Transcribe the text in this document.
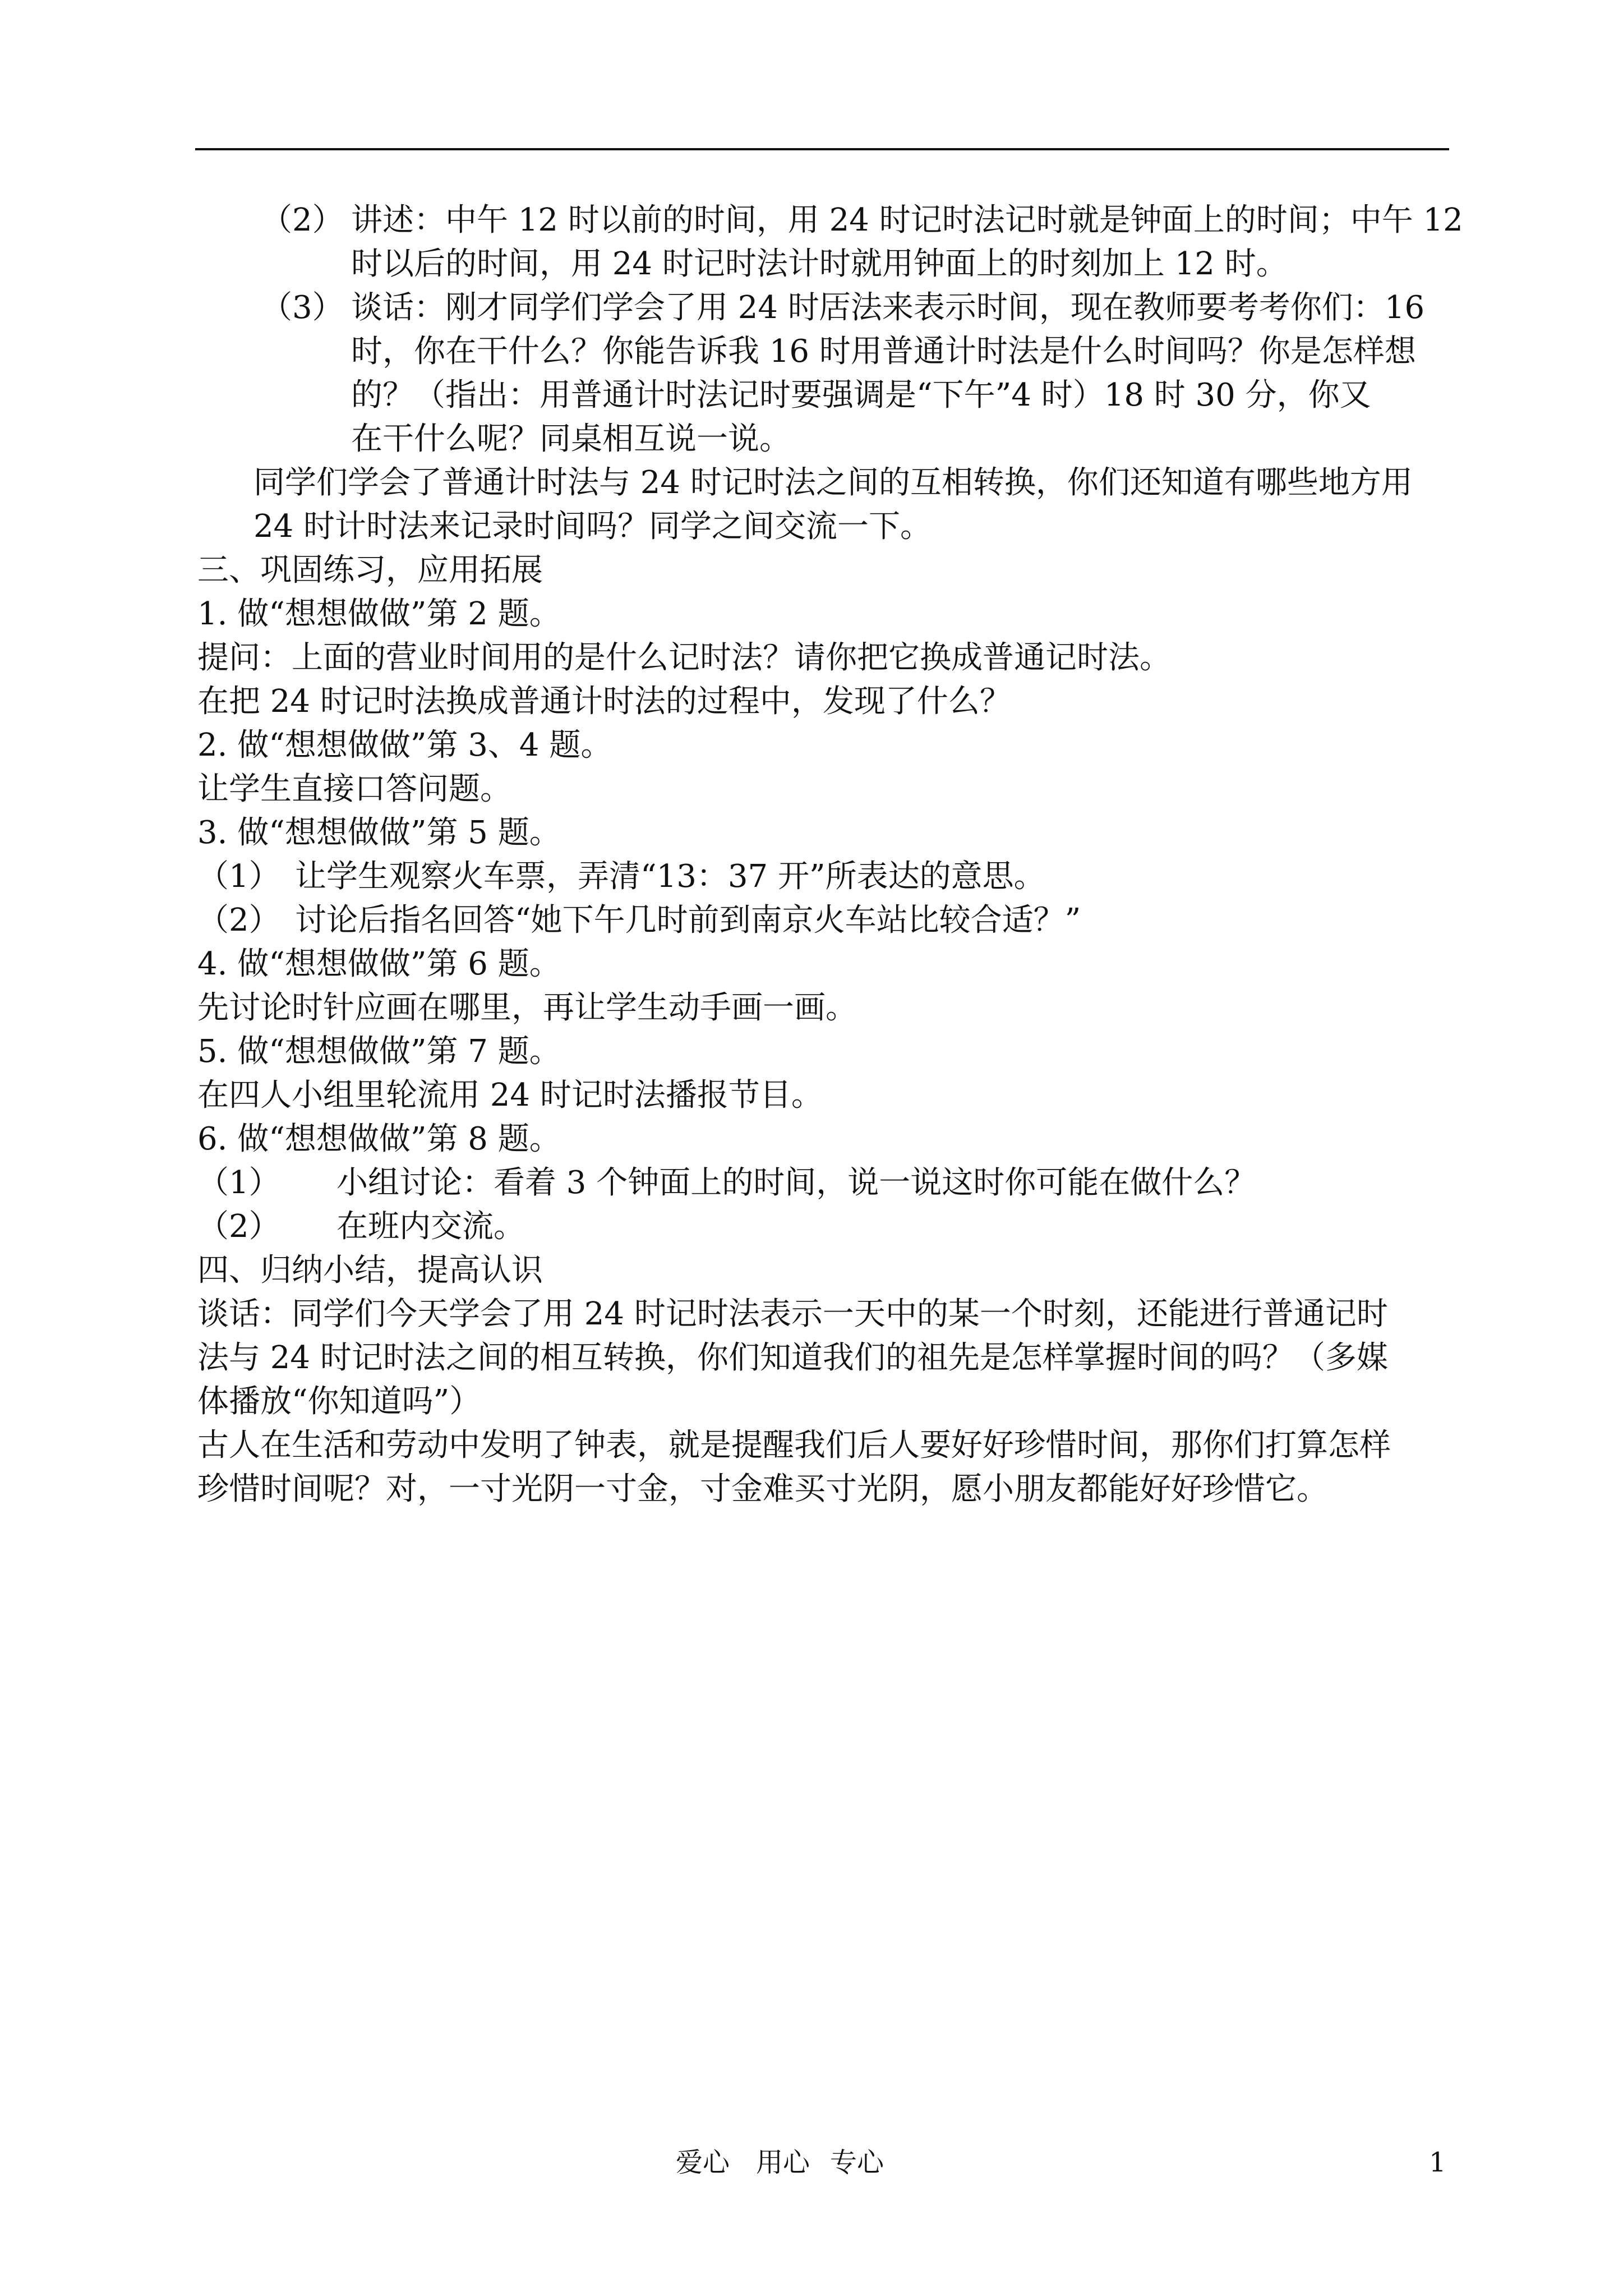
（2） 讲述：中午 12 时以前的时间，用 24 时记时法记时就是钟面上的时间；中午 12
时以后的时间，用 24 时记时法计时就用钟面上的时刻加上 12 时。
（3） 谈话：刚才同学们学会了用 24 时㕆法来表示时间，现在教师要考考你们：16
时，你在干什么？你能告诉我 16 时用普通计时法是什么时间吗？你是怎样想
的？（指出：用普通计时法记时要强调是“下午”4 时）18 时 30 分，你又
在干什么呢？同桌相互说一说。
同学们学会了普通计时法与 24 时记时法之间的互相转换，你们还知道有哪些地方用
24 时计时法来记录时间吗？同学之间交流一下。
三、巩固练习，应用拓展
1. 做“想想做做”第 2 题。
提问：上面的营业时间用的是什么记时法？请你把它换成普通记时法。
在把 24 时记时法换成普通计时法的过程中，发现了什么？
2. 做“想想做做”第 3、4 题。
让学生直接口答问题。
3. 做“想想做做”第 5 题。
（1） 让学生观察火车票，弄清“13：37 开”所表达的意思。
（2） 讨论后指名回答“她下午几时前到南京火车站比较合适？”
4. 做“想想做做”第 6 题。
先讨论时针应画在哪里，再让学生动手画一画。
5. 做“想想做做”第 7 题。
在四人小组里轮流用 24 时记时法播报节目。
6. 做“想想做做”第 8 题。
（1） 小组讨论：看着 3 个钟面上的时间，说一说这时你可能在做什么？
（2） 在班内交流。
四、归纳小结，提高认识
谈话：同学们今天学会了用 24 时记时法表示一天中的某一个时刻，还能进行普通记时
法与 24 时记时法之间的相互转换，你们知道我们的祖先是怎样掌握时间的吗？（多媒
体播放“你知道吗”）
古人在生活和劳动中发明了钟表，就是提醒我们后人要好好珍惜时间，那你们打算怎样
珍惜时间呢？对，一寸光阴一寸金，寸金难买寸光阴，愿小朋友都能好好珍惜它。
爱心 用心 专心	1
